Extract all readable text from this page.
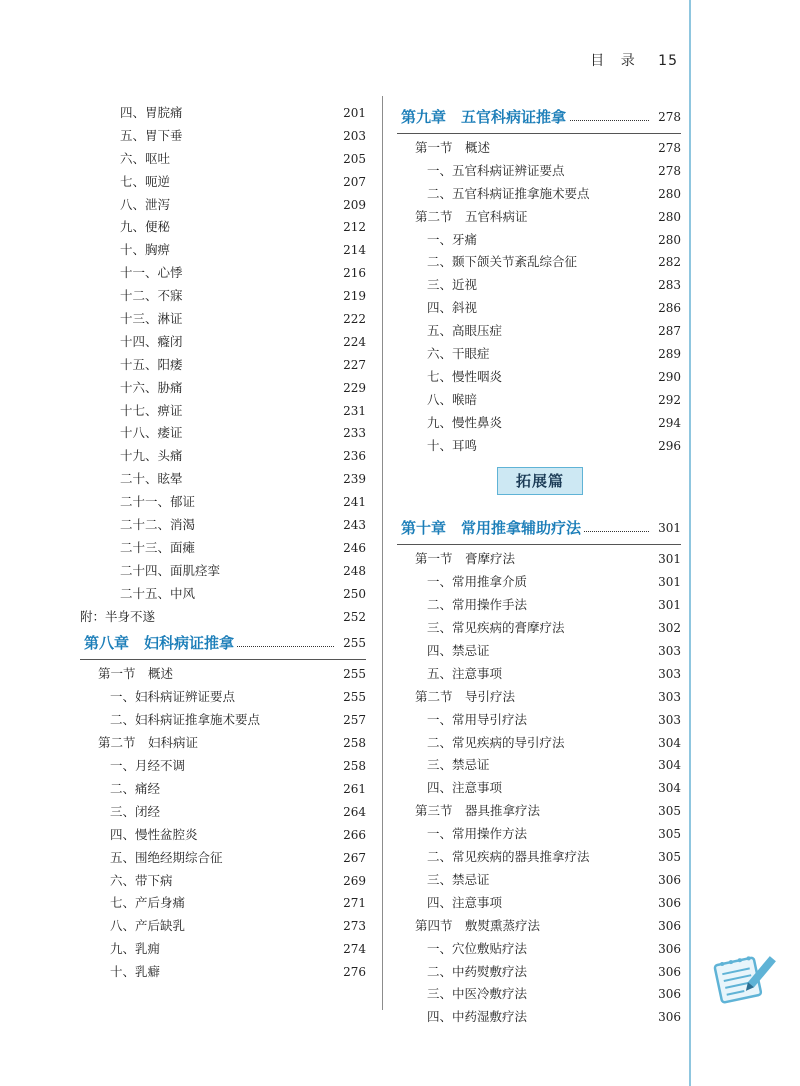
目 录 15
四、胃脘痛	201
五、胃下垂	203
六、呕吐	205
七、呃逆	207
八、泄泻	209
九、便秘	212
十、胸痹	214
十一、心悸	216
十二、不寐	219
十三、淋证	222
十四、癃闭	224
十五、阳痿	227
十六、胁痛	229
十七、痹证	231
十八、痿证	233
十九、头痛	236
二十、眩晕	239
二十一、郁证	241
二十二、消渴	243
二十三、面瘫	246
二十四、面肌痉挛	248
二十五、中风	250
附：半身不遂	252
第八章　妇科病证推拿	255
第一节　概述	255
一、妇科病证辨证要点	255
二、妇科病证推拿施术要点	257
第二节　妇科病证	258
一、月经不调	258
二、痛经	261
三、闭经	264
四、慢性盆腔炎	266
五、围绝经期综合征	267
六、带下病	269
七、产后身痛	271
八、产后缺乳	273
九、乳痈	274
十、乳癖	276
第九章　五官科病证推拿	278
第一节　概述	278
一、五官科病证辨证要点	278
二、五官科病证推拿施术要点	280
第二节　五官科病证	280
一、牙痛	280
二、颞下颌关节紊乱综合征	282
三、近视	283
四、斜视	286
五、高眼压症	287
六、干眼症	289
七、慢性咽炎	290
八、喉暗	292
九、慢性鼻炎	294
十、耳鸣	296
拓展篇
第十章　常用推拿辅助疗法	301
第一节　膏摩疗法	301
一、常用推拿介质	301
二、常用操作手法	301
三、常见疾病的膏摩疗法	302
四、禁忌证	303
五、注意事项	303
第二节　导引疗法	303
一、常用导引疗法	303
二、常见疾病的导引疗法	304
三、禁忌证	304
四、注意事项	304
第三节　器具推拿疗法	305
一、常用操作方法	305
二、常见疾病的器具推拿疗法	305
三、禁忌证	306
四、注意事项	306
第四节　敷熨熏蒸疗法	306
一、穴位敷贴疗法	306
二、中药熨敷疗法	306
三、中医冷敷疗法	306
四、中药湿敷疗法	306
